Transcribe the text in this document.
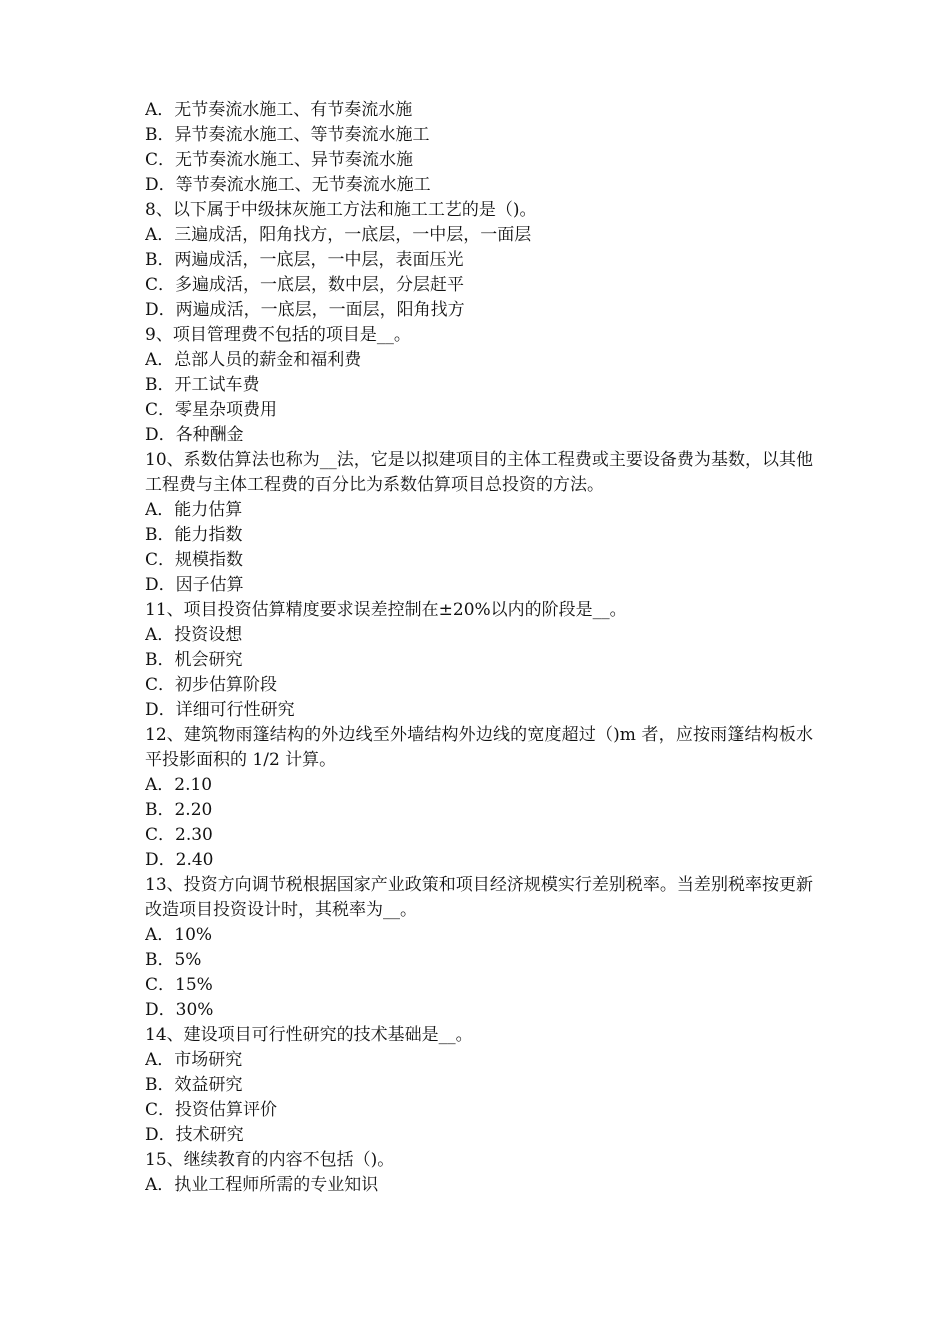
A．无节奏流水施工、有节奏流水施
B．异节奏流水施工、等节奏流水施工
C．无节奏流水施工、异节奏流水施
D．等节奏流水施工、无节奏流水施工
8、以下属于中级抹灰施工方法和施工工艺的是（)。
A．三遍成活，阳角找方，一底层，一中层，一面层
B．两遍成活，一底层，一中层，表面压光
C．多遍成活，一底层，数中层，分层赶平
D．两遍成活，一底层，一面层，阳角找方
9、项目管理费不包括的项目是__。
A．总部人员的薪金和福利费
B．开工试车费
C．零星杂项费用
D．各种酬金
10、系数估算法也称为__法，它是以拟建项目的主体工程费或主要设备费为基数，以其他工程费与主体工程费的百分比为系数估算项目总投资的方法。
A．能力估算
B．能力指数
C．规模指数
D．因子估算
11、项目投资估算精度要求误差控制在±20%以内的阶段是__。
A．投资设想
B．机会研究
C．初步估算阶段
D．详细可行性研究
12、建筑物雨篷结构的外边线至外墙结构外边线的宽度超过（)m 者，应按雨篷结构板水平投影面积的 1/2 计算。
A．2.10
B．2.20
C．2.30
D．2.40
13、投资方向调节税根据国家产业政策和项目经济规模实行差别税率。当差别税率按更新改造项目投资设计时，其税率为__。
A．10%
B．5%
C．15%
D．30%
14、建设项目可行性研究的技术基础是__。
A．市场研究
B．效益研究
C．投资估算评价
D．技术研究
15、继续教育的内容不包括（)。
A．执业工程师所需的专业知识
